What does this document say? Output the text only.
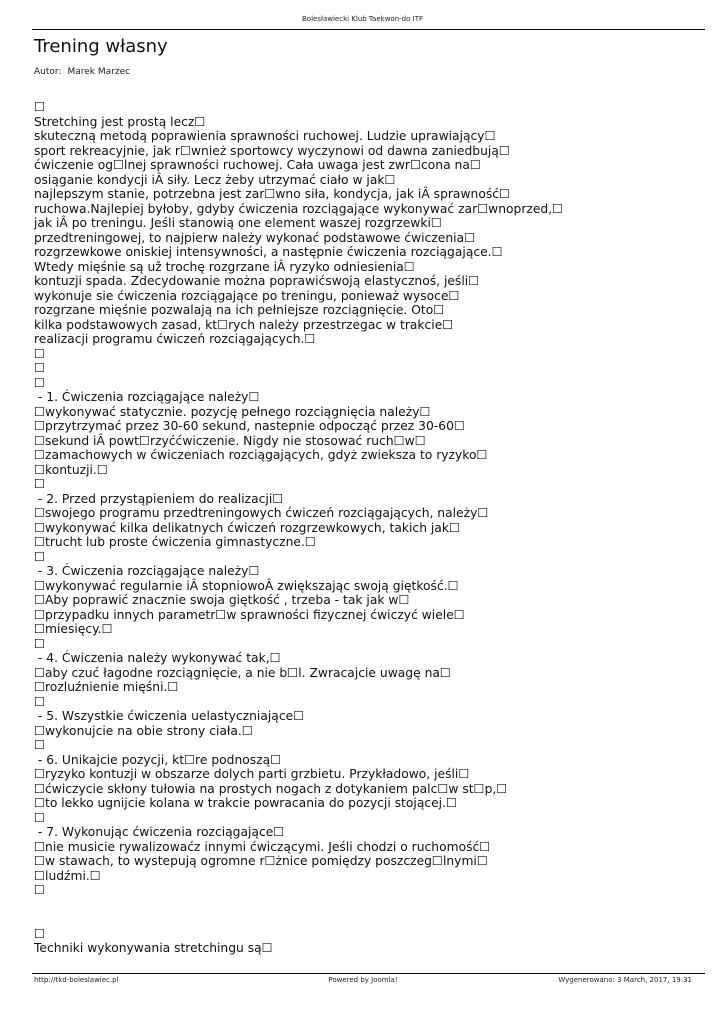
Bolesławiecki Klub Taekwon-do ITF
Trening własny
Autor: Marek Marzec
☐
Stretching jest prostą lecz☐
skuteczną metodą poprawienia sprawności ruchowej. Ludzie uprawiający☐
sport rekreacyjnie, jak r☐wnież sportowcy wyczynowi od dawna zaniedbują☐
ćwiczenie og☐lnej sprawności ruchowej. Cała uwaga jest zwr☐cona na☐
osiąganie kondycji iÂ siły. Lecz żeby utrzymać ciało w jak☐
najlepszym stanie, potrzebna jest zar☐wno siła, kondycja, jak iÂ sprawność☐
ruchowa.Najlepiej byłoby, gdyby ćwiczenia rozciągające wykonywać zar☐wnoprzed,☐
jak iÂ po treningu. Jeśli stanowią one element waszej rozgrzewki☐
przedtreningowej, to najpierw należy wykonać podstawowe ćwiczenia☐
rozgrzewkowe oniskiej intensywności, a następnie ćwiczenia rozciągające.☐
Wtedy mięśnie są už trochę rozgrzane iÂ ryzyko odniesienia☐
kontuzji spada. Zdecydowanie można poprawićswoją elastycznoś, jeśli☐
wykonuje sie ćwiczenia rozciągające po treningu, ponieważ wysoce☐
rozgrzane mięśnie pozwalają na ich pełniejsze rozciągnięcie. Oto☐
kilka podstawowych zasad, kt☐rych należy przestrzegac w trakcie☐
realizacji programu ćwiczeń rozciągających.☐
☐
☐
☐
- 1. Ćwiczenia rozciągające należy☐
☐wykonywać statycznie. pozycję pełnego rozciągnięcia należy☐
☐przytrzymać przez 30-60 sekund, nastepnie odpocząć przez 30-60☐
☐sekund iÂ powt☐rzyććwiczenie. Nigdy nie stosować ruch☐w☐
☐zamachowych w ćwiczeniach rozciągających, gdyż zwieksza to ryzyko☐
☐kontuzji.☐
☐
- 2. Przed przystąpieniem do realizacji☐
☐swojego programu przedtreningowych ćwiczeń rozciągających, należy☐
☐wykonywać kilka delikatnych ćwiczeń rozgrzewkowych, takich jak☐
☐trucht lub proste ćwiczenia gimnastyczne.☐
☐
- 3. Ćwiczenia rozciągające należy☐
☐wykonywać regularnie iÂ stopniowoÂ zwiększając swoją giętkość.☐
☐Aby poprawić znacznie swoja giętkość , trzeba - tak jak w☐
☐przypadku innych parametr☐w sprawności fizycznej ćwiczyć wiele☐
☐miesięcy.☐
☐
- 4. Ćwiczenia należy wykonywać tak,☐
☐aby czuć łagodne rozciągnięcie, a nie b☐l. Zwracajcie uwagę na☐
☐rozluźnienie mięśni.☐
☐
- 5. Wszystkie ćwiczenia uelastyczniające☐
☐wykonujcie na obie strony ciała.☐
☐
- 6. Unikajcie pozycji, kt☐re podnoszą☐
☐ryzyko kontuzji w obszarze dolych parti grzbietu. Przykładowo, jeśli☐
☐ćwiczycie skłony tułowia na prostych nogach z dotykaniem palc☐w st☐p,☐
☐to lekko ugnijcie kolana w trakcie powracania do pozycji stojącej.☐
☐
- 7. Wykonując ćwiczenia rozciągające☐
☐nie musicie rywalizowaćz innymi ćwiczącymi. Jeśli chodzi o ruchomość☐
☐w stawach, to wystepują ogromne r☐żnice pomiędzy poszczeg☐lnymi☐
☐ludźmi.☐
☐
☐
Techniki wykonywania stretchingu są☐
http://tkd-boleslawiec.pl	Powered by Joomla!	Wygenerowano: 3 March, 2017, 19:31
